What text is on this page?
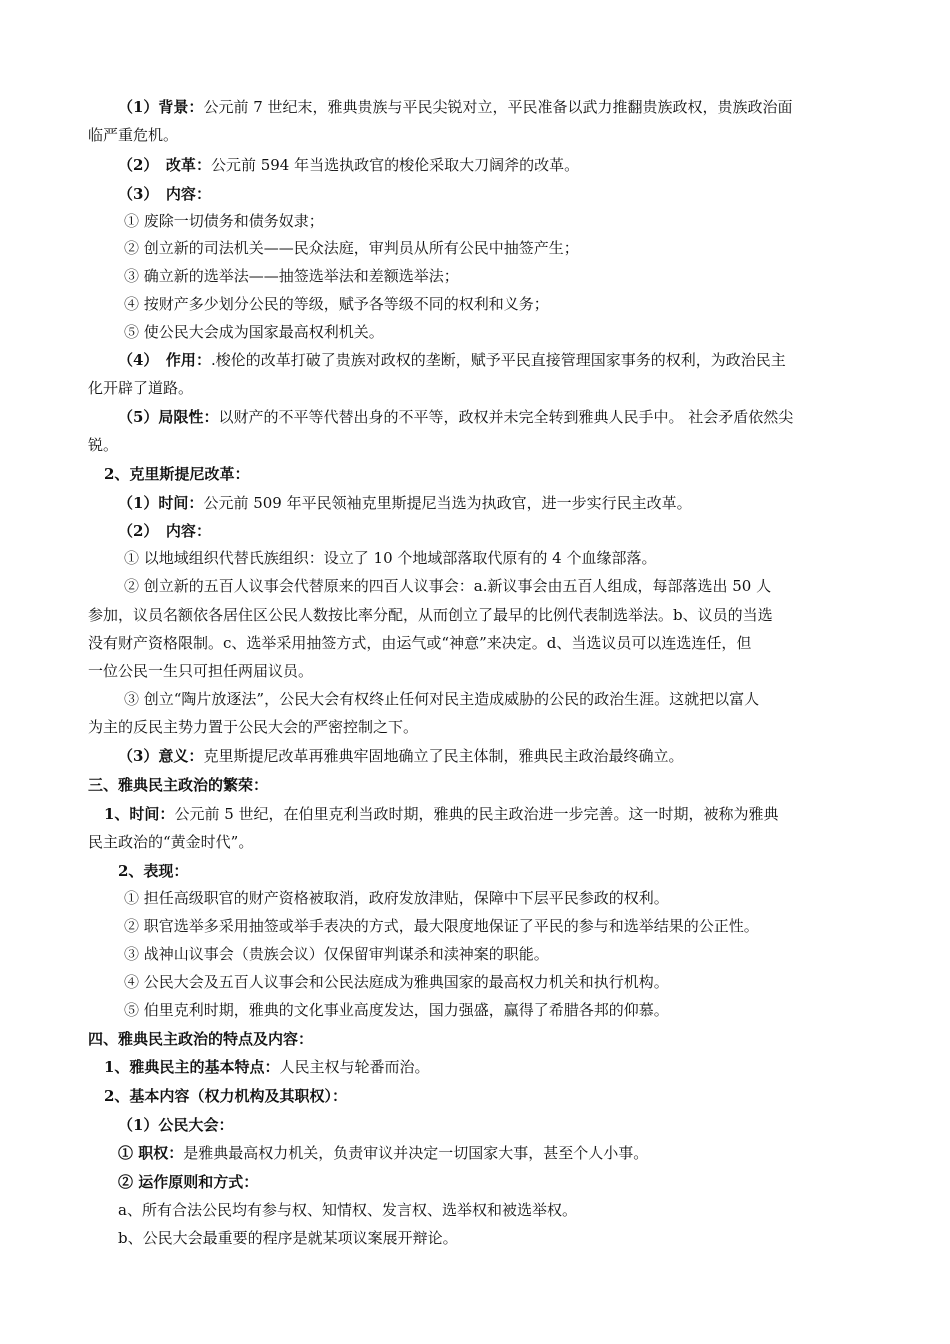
（1）背景：公元前 7 世纪末，雅典贵族与平民尖锐对立，平民准备以武力推翻贵族政权，贵族政治面
临严重危机。
（2）　改革：公元前 594 年当选执政官的梭伦采取大刀阔斧的改革。
（3）　内容：
① 废除一切债务和债务奴隶；
② 创立新的司法机关——民众法庭，审判员从所有公民中抽签产生；
③ 确立新的选举法——抽签选举法和差额选举法；
④ 按财产多少划分公民的等级，赋予各等级不同的权利和义务；
⑤ 使公民大会成为国家最高权利机关。
（4）　作用：.梭伦的改革打破了贵族对政权的垄断，赋予平民直接管理国家事务的权利，为政治民主
化开辟了道路。
（5）局限性：以财产的不平等代替出身的不平等，政权并未完全转到雅典人民手中。 社会矛盾依然尖
锐。
2、克里斯提尼改革：
（1）时间：公元前 509 年平民领袖克里斯提尼当选为执政官，进一步实行民主改革。
（2）　内容：
① 以地域组织代替氏族组织：设立了 10 个地域部落取代原有的 4 个血缘部落。
② 创立新的五百人议事会代替原来的四百人议事会：a.新议事会由五百人组成，每部落选出 50 人
参加，议员名额依各居住区公民人数按比率分配，从而创立了最早的比例代表制选举法。b、议员的当选
没有财产资格限制。c、选举采用抽签方式，由运气或“神意”来决定。d、当选议员可以连选连任，但
一位公民一生只可担任两届议员。
③ 创立“陶片放逐法”，公民大会有权终止任何对民主造成威胁的公民的政治生涯。这就把以富人
为主的反民主势力置于公民大会的严密控制之下。
（3）意义：克里斯提尼改革再雅典牢固地确立了民主体制，雅典民主政治最终确立。
三、雅典民主政治的繁荣：
1、时间：公元前 5 世纪，在伯里克利当政时期，雅典的民主政治进一步完善。这一时期，被称为雅典
民主政治的“黄金时代”。
2、表现：
① 担任高级职官的财产资格被取消，政府发放津贴，保障中下层平民参政的权利。
② 职官选举多采用抽签或举手表决的方式，最大限度地保证了平民的参与和选举结果的公正性。
③ 战神山议事会（贵族会议）仅保留审判谋杀和渎神案的职能。
④ 公民大会及五百人议事会和公民法庭成为雅典国家的最高权力机关和执行机构。
⑤ 伯里克利时期，雅典的文化事业高度发达，国力强盛，赢得了希腊各邦的仰慕。
四、雅典民主政治的特点及内容：
1、雅典民主的基本特点：人民主权与轮番而治。
2、基本内容（权力机构及其职权）：
（1）公民大会：
① 职权：是雅典最高权力机关，负责审议并决定一切国家大事，甚至个人小事。
② 运作原则和方式：
a、所有合法公民均有参与权、知情权、发言权、选举权和被选举权。
b、公民大会最重要的程序是就某项议案展开辩论。
